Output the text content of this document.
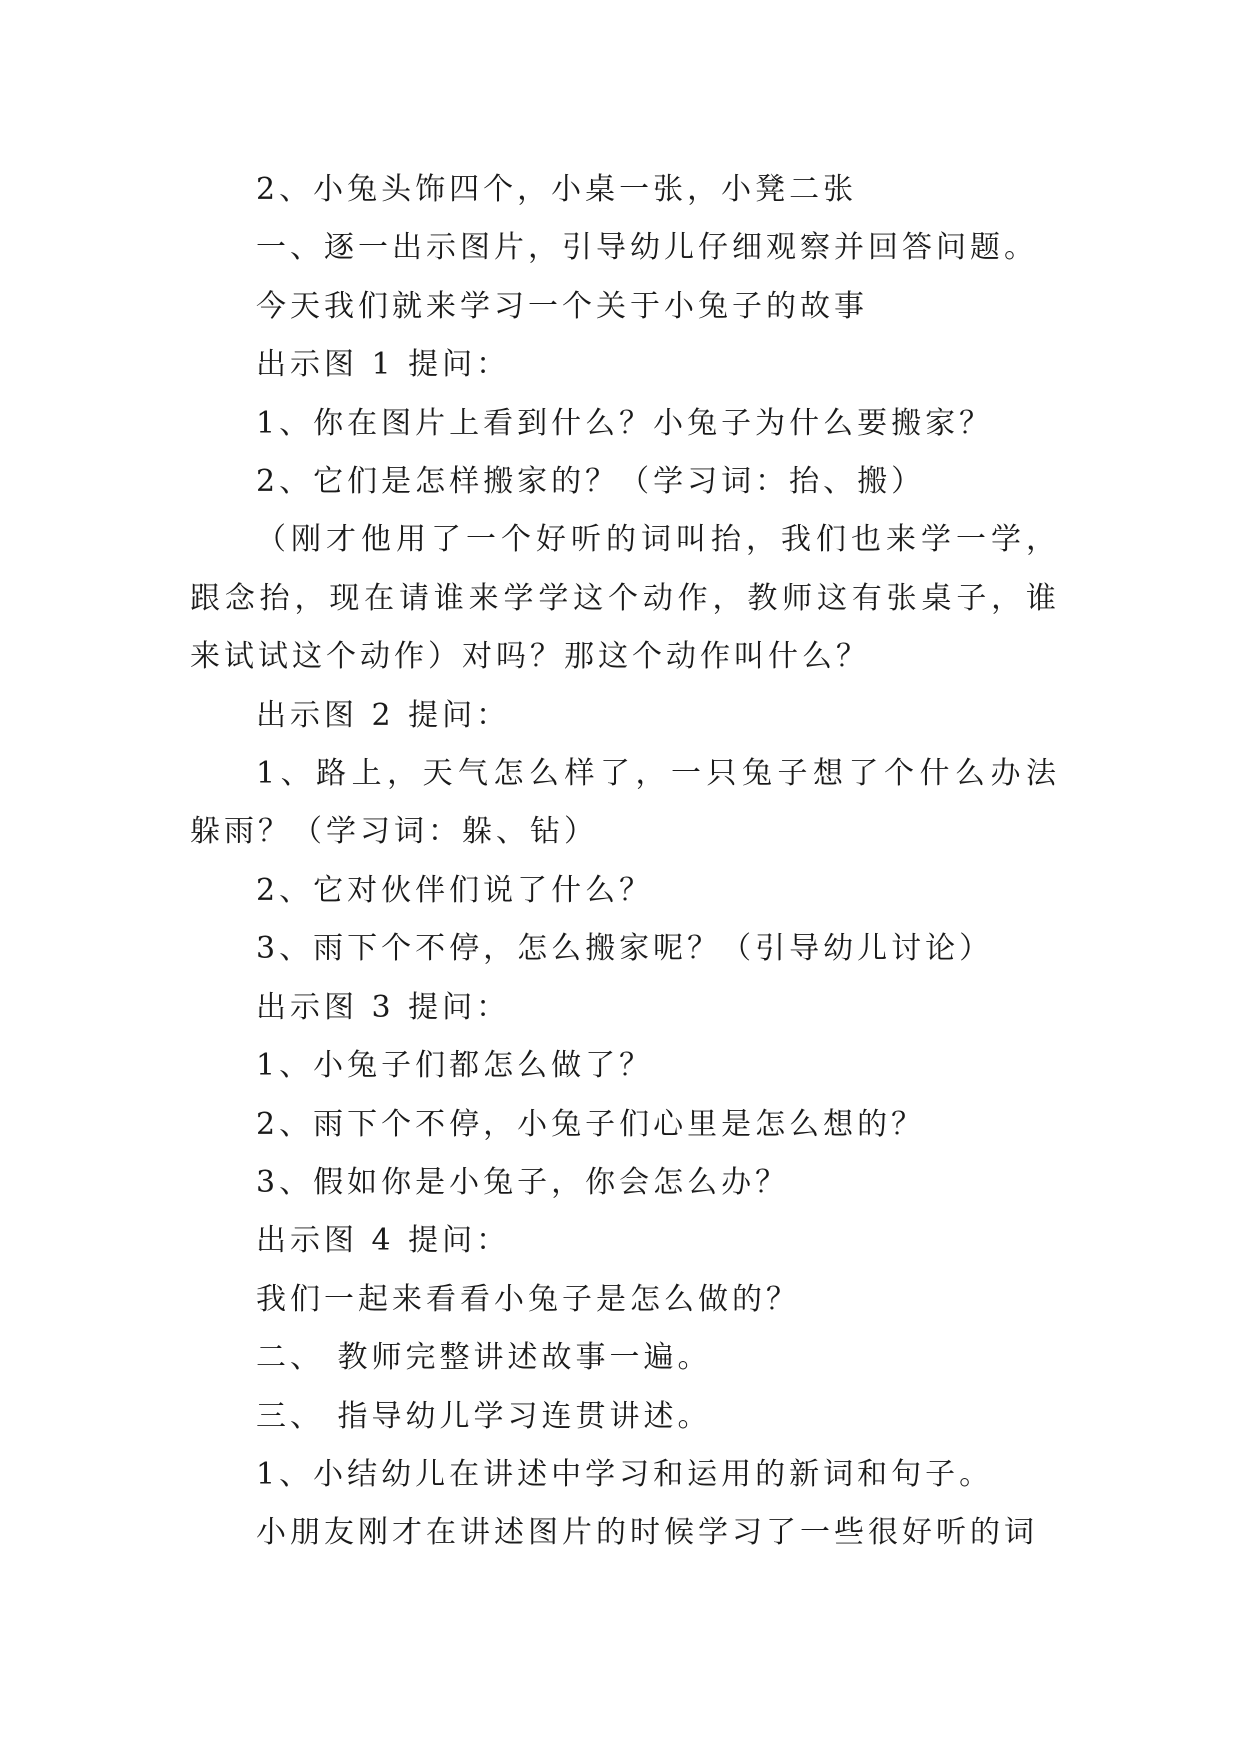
2、小兔头饰四个，小桌一张，小凳二张

一、逐一出示图片，引导幼儿仔细观察并回答问题。

今天我们就来学习一个关于小兔子的故事

出示图 1 提问：

1、你在图片上看到什么？小兔子为什么要搬家？

2、它们是怎样搬家的？（学习词：抬、搬）

（刚才他用了一个好听的词叫抬，我们也来学一学，跟念抬，现在请谁来学学这个动作，教师这有张桌子，谁来试试这个动作）对吗？那这个动作叫什么？

出示图 2 提问：

1、路上，天气怎么样了，一只兔子想了个什么办法躲雨？（学习词：躲、钻）

2、它对伙伴们说了什么？

3、雨下个不停，怎么搬家呢？（引导幼儿讨论）

出示图 3 提问：

1、小兔子们都怎么做了？

2、雨下个不停，小兔子们心里是怎么想的？

3、假如你是小兔子，你会怎么办？

出示图 4 提问：

我们一起来看看小兔子是怎么做的？

二、 教师完整讲述故事一遍。

三、 指导幼儿学习连贯讲述。

1、小结幼儿在讲述中学习和运用的新词和句子。

小朋友刚才在讲述图片的时候学习了一些很好听的词
